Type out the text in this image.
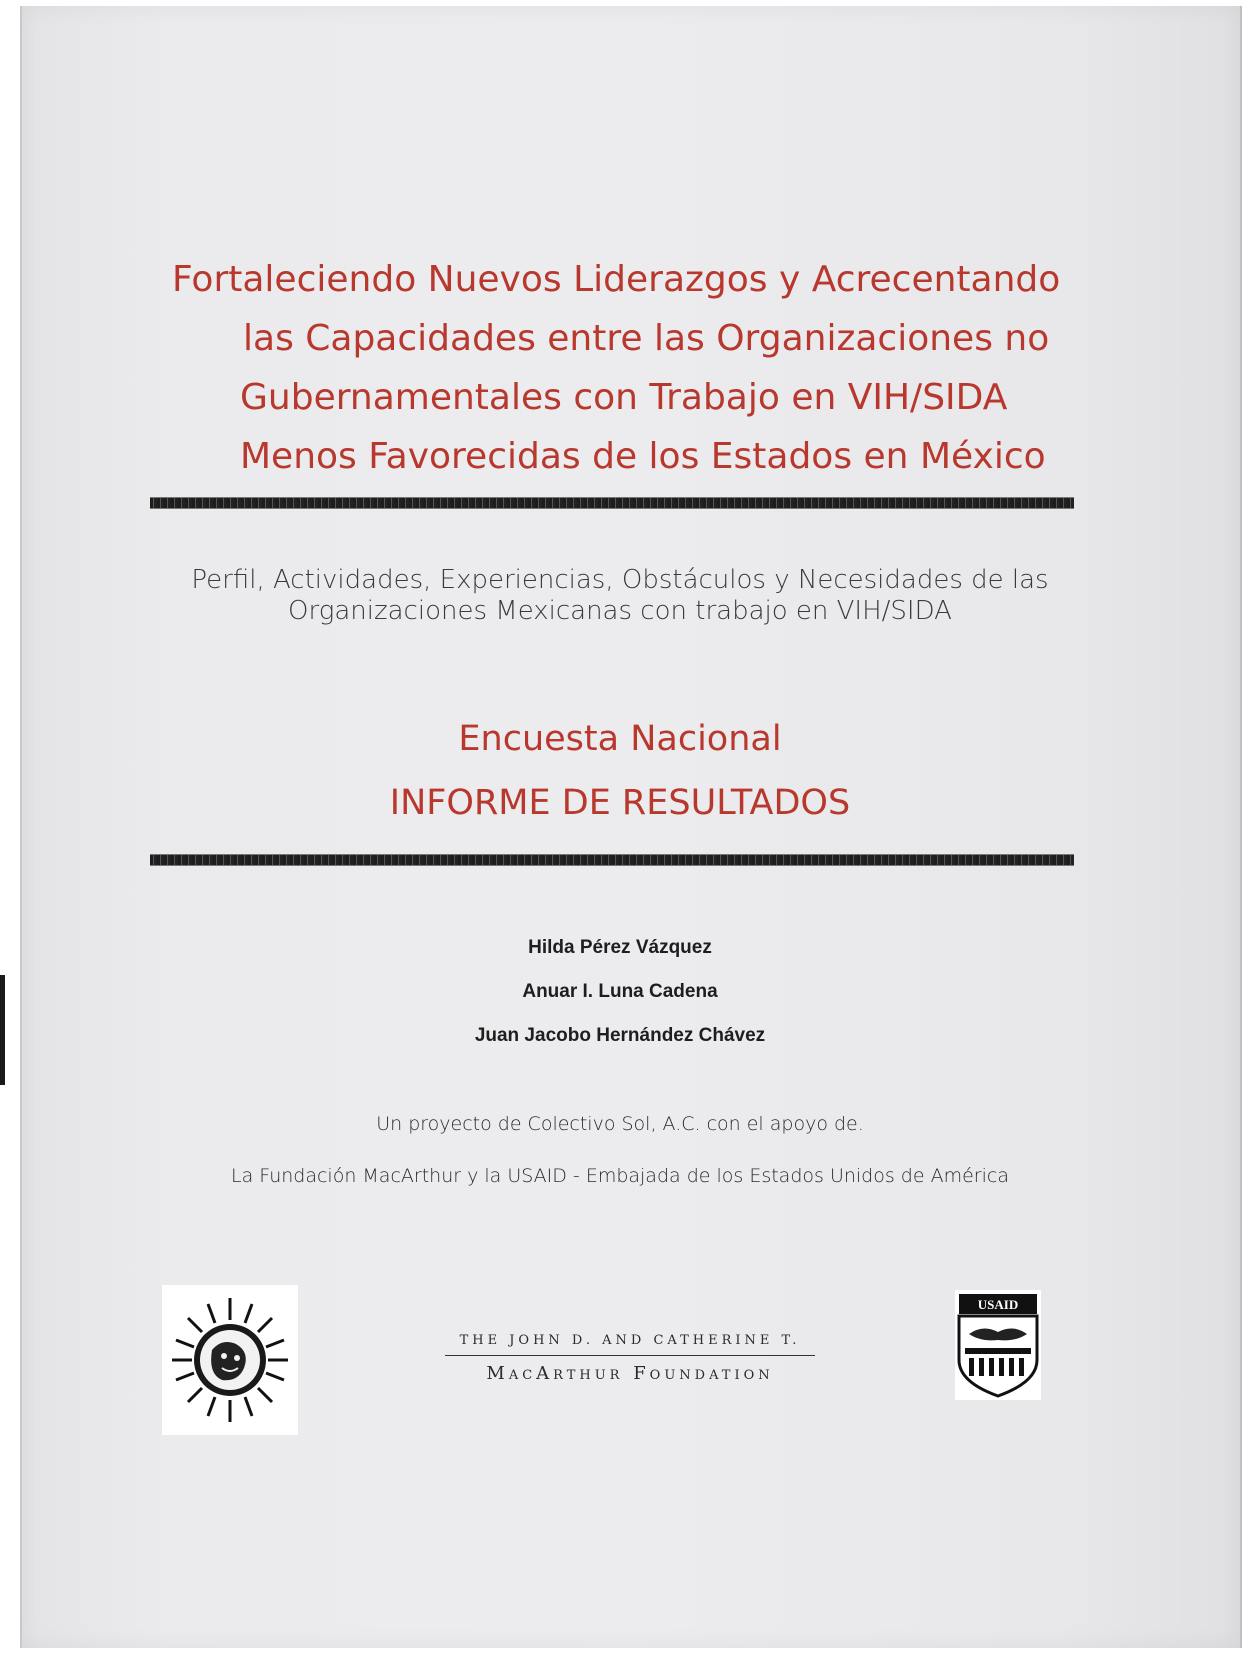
Fortaleciendo Nuevos Liderazgos y Acrecentando
las Capacidades entre las Organizaciones no
Gubernamentales con Trabajo en VIH/SIDA
Menos Favorecidas de los Estados en México
Perfil, Actividades, Experiencias, Obstáculos y Necesidades de las
Organizaciones Mexicanas con trabajo en VIH/SIDA
Encuesta Nacional
INFORME DE RESULTADOS
Hilda Pérez Vázquez
Anuar I. Luna Cadena
Juan Jacobo Hernández Chávez
Un proyecto de Colectivo Sol, A.C. con el apoyo de.
La Fundación MacArthur y la USAID - Embajada de los Estados Unidos de América
THE JOHN D. AND CATHERINE T.
MacArthur Foundation
USAID
